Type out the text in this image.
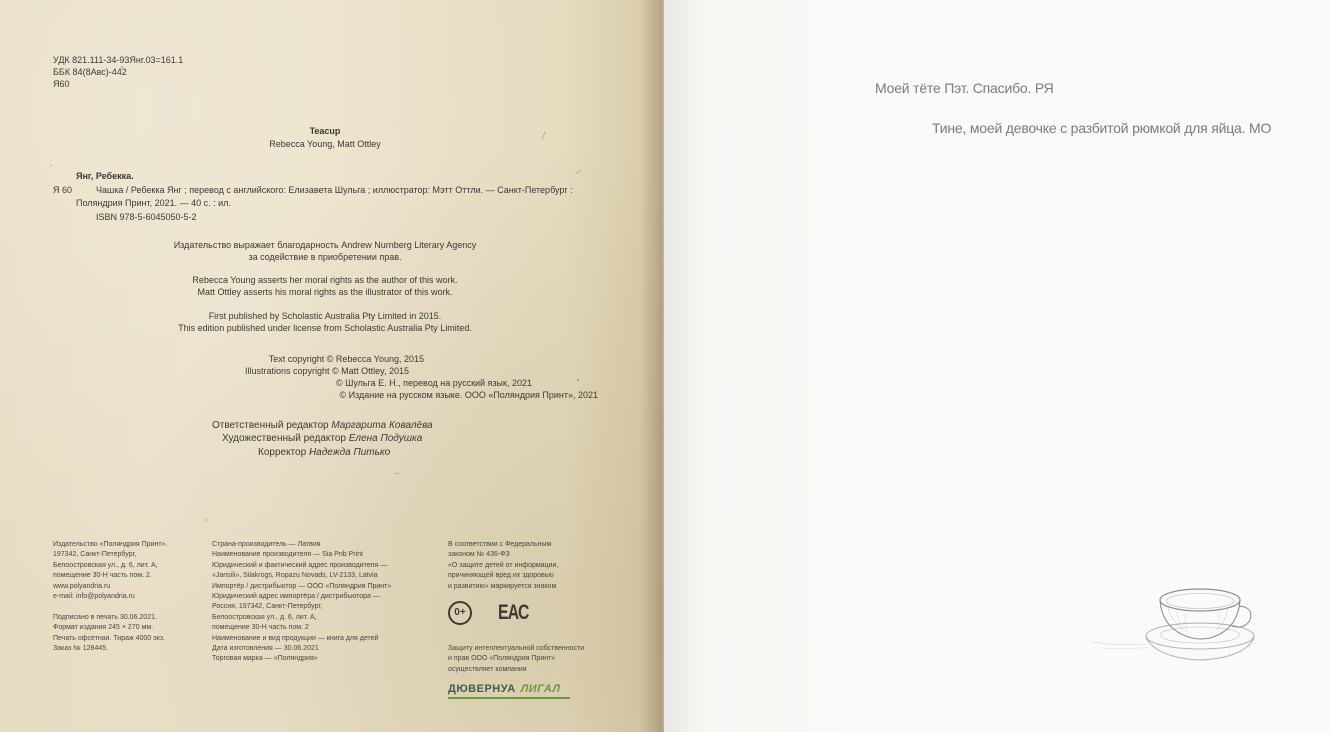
УДК 821.111-34-93Янг.03=161.1

ББК 84(8Авс)-442

Я60

Teacup

Rebecca Young, Matt Ottley

Янг, Ребекка.

Я 60	Чашка / Ребекка Янг ; перевод с английского: Елизавета Шульга ; иллюстратор: Мэтт Оттли. — Санкт-Петербург :

Поляндрия Принт, 2021. — 40 с. : ил.

ISBN 978-5-6045050-5-2

Издательство выражает благодарность Andrew Nurnberg Literary Agency

за содействие в приобретении прав.

Rebecca Young asserts her moral rights as the author of this work.

Matt Ottley asserts his moral rights as the illustrator of this work.

First published by Scholastic Australia Pty Limited in 2015.

This edition published under license from Scholastic Australia Pty Limited.

Text copyright © Rebecca Young, 2015

Illustrations copyright © Matt Ottley, 2015

© Шульга Е. Н., перевод на русский язык, 2021

© Издание на русском языке. ООО «Поляндрия Принт», 2021

Ответственный редактор Маргарита Ковалёва

Художественный редактор Елена Подушка

Корректор Надежда Питько

Издательство «Поляндрия Принт».

197342, Санкт-Петербург,

Белоостровская ул., д. 6, лит. А,

помещение 30-Н часть пом. 2.

www.polyandria.ru

e-mail: info@polyandria.ru

Подписано в печать 30.06.2021.

Формат издания 245 × 270 мм.

Печать офсетная. Тираж 4000 экз.

Заказ № 128445.

Страна-производитель — Латвия

Наименование производителя — Sia Pnb Print

Юридический и фактический адрес производителя —

«Jansili», Silakrogs, Ropazu Novads, LV-2133, Latvia

Импортёр / дистрибьютор — ООО «Поляндрия Принт»

Юридический адрес импортёра / дистрибьютора —

Россия, 197342, Санкт-Петербург,

Белоостровская ул., д. 6, лит. А,

помещение 30-Н часть пом. 2

Наименование и вид продукции — книга для детей

Дата изготовления — 30.06.2021

Торговая марка — «Поляндрия»

В соответствии с Федеральным

законом № 436-ФЗ

«О защите детей от информации,

причиняющей вред их здоровью

и развитию» маркируется знаком

0+ ЕАС

Защиту интеллектуальной собственности

и прав ООО «Поляндрия Принт»

осуществляет компания

ДЮВЕРНУА ЛИГАЛ

Моей тёте Пэт. Спасибо. РЯ

Тине, моей девочке с разбитой рюмкой для яйца. МО
